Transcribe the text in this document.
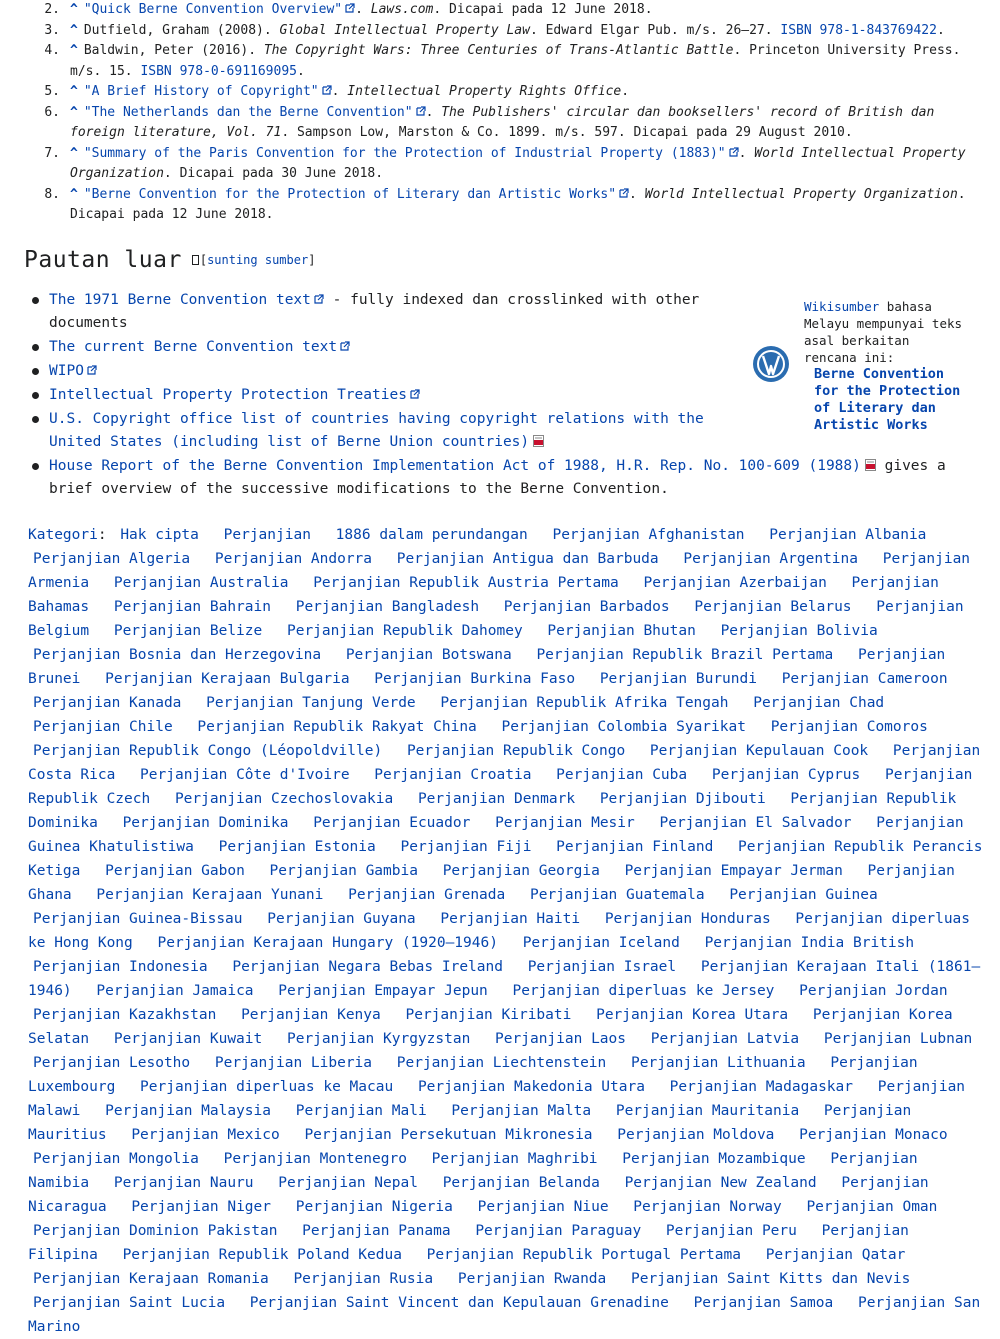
2. ^ "Quick Berne Convention Overview" . Laws.com. Dicapai pada 12 June 2018.
3. ^ Dutfield, Graham (2008). Global Intellectual Property Law. Edward Elgar Pub. m/s. 26–27. ISBN 978-1-843769422.
4. ^ Baldwin, Peter (2016). The Copyright Wars: Three Centuries of Trans-Atlantic Battle. Princeton University Press. m/s. 15. ISBN 978-0-691169095.
5. ^ "A Brief History of Copyright" . Intellectual Property Rights Office.
6. ^ "The Netherlands dan the Berne Convention" . The Publishers' circular dan booksellers' record of British dan foreign literature, Vol. 71. Sampson Low, Marston & Co. 1899. m/s. 597. Dicapai pada 29 August 2010.
7. ^ "Summary of the Paris Convention for the Protection of Industrial Property (1883)" . World Intellectual Property Organization. Dicapai pada 30 June 2018.
8. ^ "Berne Convention for the Protection of Literary dan Artistic Works" . World Intellectual Property Organization. Dicapai pada 12 June 2018.
Pautan luar [sunting sumber]
The 1971 Berne Convention text - fully indexed dan crosslinked with other documents
The current Berne Convention text
WIPO
Intellectual Property Protection Treaties
U.S. Copyright office list of countries having copyright relations with the United States (including list of Berne Union countries)
House Report of the Berne Convention Implementation Act of 1988, H.R. Rep. No. 100-609 (1988) gives a brief overview of the successive modifications to the Berne Convention.
Wikisumber bahasa Melayu mempunyai teks asal berkaitan rencana ini:
Berne Convention for the Protection of Literary dan Artistic Works
Kategori: Hak cipta Perjanjian 1886 dalam perundangan Perjanjian Afghanistan Perjanjian Albania Perjanjian Algeria Perjanjian Andorra Perjanjian Antigua dan Barbuda Perjanjian Argentina Perjanjian Armenia Perjanjian Australia Perjanjian Republik Austria Pertama Perjanjian Azerbaijan Perjanjian Bahamas Perjanjian Bahrain Perjanjian Bangladesh Perjanjian Barbados Perjanjian Belarus Perjanjian Belgium Perjanjian Belize Perjanjian Republik Dahomey Perjanjian Bhutan Perjanjian Bolivia Perjanjian Bosnia dan Herzegovina Perjanjian Botswana Perjanjian Republik Brazil Pertama Perjanjian Brunei Perjanjian Kerajaan Bulgaria Perjanjian Burkina Faso Perjanjian Burundi Perjanjian Cameroon Perjanjian Kanada Perjanjian Tanjung Verde Perjanjian Republik Afrika Tengah Perjanjian Chad Perjanjian Chile Perjanjian Republik Rakyat China Perjanjian Colombia Syarikat Perjanjian Comoros Perjanjian Republik Congo (Léopoldville) Perjanjian Republik Congo Perjanjian Kepulauan Cook Perjanjian Costa Rica Perjanjian Côte d'Ivoire Perjanjian Croatia Perjanjian Cuba Perjanjian Cyprus Perjanjian Republik Czech Perjanjian Czechoslovakia Perjanjian Denmark Perjanjian Djibouti Perjanjian Republik Dominika Perjanjian Dominika Perjanjian Ecuador Perjanjian Mesir Perjanjian El Salvador Perjanjian Guinea Khatulistiwa Perjanjian Estonia Perjanjian Fiji Perjanjian Finland Perjanjian Republik Perancis Ketiga Perjanjian Gabon Perjanjian Gambia Perjanjian Georgia Perjanjian Empayar Jerman Perjanjian Ghana Perjanjian Kerajaan Yunani Perjanjian Grenada Perjanjian Guatemala Perjanjian Guinea Perjanjian Guinea-Bissau Perjanjian Guyana Perjanjian Haiti Perjanjian Honduras Perjanjian diperluas ke Hong Kong Perjanjian Kerajaan Hungary (1920–1946) Perjanjian Iceland Perjanjian India British Perjanjian Indonesia Perjanjian Negara Bebas Ireland Perjanjian Israel Perjanjian Kerajaan Itali (1861–1946) Perjanjian Jamaica Perjanjian Empayar Jepun Perjanjian diperluas ke Jersey Perjanjian Jordan Perjanjian Kazakhstan Perjanjian Kenya Perjanjian Kiribati Perjanjian Korea Utara Perjanjian Korea Selatan Perjanjian Kuwait Perjanjian Kyrgyzstan Perjanjian Laos Perjanjian Latvia Perjanjian Lubnan Perjanjian Lesotho Perjanjian Liberia Perjanjian Liechtenstein Perjanjian Lithuania Perjanjian Luxembourg Perjanjian diperluas ke Macau Perjanjian Makedonia Utara Perjanjian Madagaskar Perjanjian Malawi Perjanjian Malaysia Perjanjian Mali Perjanjian Malta Perjanjian Mauritania Perjanjian Mauritius Perjanjian Mexico Perjanjian Persekutuan Mikronesia Perjanjian Moldova Perjanjian Monaco Perjanjian Mongolia Perjanjian Montenegro Perjanjian Maghribi Perjanjian Mozambique Perjanjian Namibia Perjanjian Nauru Perjanjian Nepal Perjanjian Belanda Perjanjian New Zealand Perjanjian Nicaragua Perjanjian Niger Perjanjian Nigeria Perjanjian Niue Perjanjian Norway Perjanjian Oman Perjanjian Dominion Pakistan Perjanjian Panama Perjanjian Paraguay Perjanjian Peru Perjanjian Filipina Perjanjian Republik Poland Kedua Perjanjian Republik Portugal Pertama Perjanjian Qatar Perjanjian Kerajaan Romania Perjanjian Rusia Perjanjian Rwanda Perjanjian Saint Kitts dan Nevis Perjanjian Saint Lucia Perjanjian Saint Vincent dan Kepulauan Grenadine Perjanjian Samoa Perjanjian San Marino
